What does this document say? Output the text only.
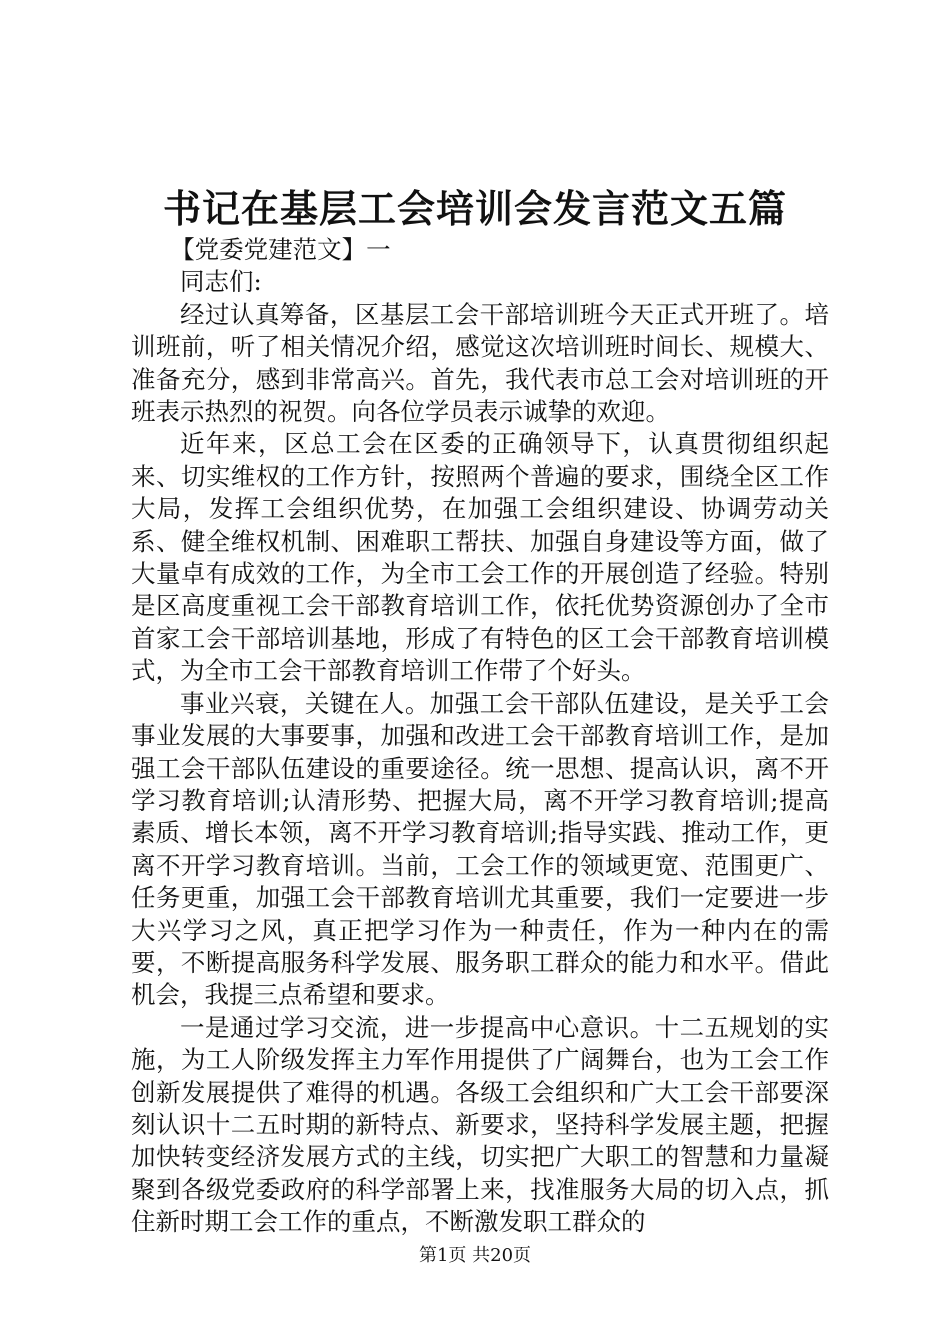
书记在基层工会培训会发言范文五篇

【党委党建范文】一

同志们:

经过认真筹备，区基层工会干部培训班今天正式开班了。培训班前，听了相关情况介绍，感觉这次培训班时间长、规模大、准备充分，感到非常高兴。首先，我代表市总工会对培训班的开班表示热烈的祝贺。向各位学员表示诚挚的欢迎。

近年来，区总工会在区委的正确领导下，认真贯彻组织起来、切实维权的工作方针，按照两个普遍的要求，围绕全区工作大局，发挥工会组织优势，在加强工会组织建设、协调劳动关系、健全维权机制、困难职工帮扶、加强自身建设等方面，做了大量卓有成效的工作，为全市工会工作的开展创造了经验。特别是区高度重视工会干部教育培训工作，依托优势资源创办了全市首家工会干部培训基地，形成了有特色的区工会干部教育培训模式，为全市工会干部教育培训工作带了个好头。

事业兴衰，关键在人。加强工会干部队伍建设，是关乎工会事业发展的大事要事，加强和改进工会干部教育培训工作，是加强工会干部队伍建设的重要途径。统一思想、提高认识，离不开学习教育培训;认清形势、把握大局，离不开学习教育培训;提高素质、增长本领，离不开学习教育培训;指导实践、推动工作，更离不开学习教育培训。当前，工会工作的领域更宽、范围更广、任务更重，加强工会干部教育培训尤其重要，我们一定要进一步大兴学习之风，真正把学习作为一种责任，作为一种内在的需要，不断提高服务科学发展、服务职工群众的能力和水平。借此机会，我提三点希望和要求。

一是通过学习交流，进一步提高中心意识。十二五规划的实施，为工人阶级发挥主力军作用提供了广阔舞台，也为工会工作创新发展提供了难得的机遇。各级工会组织和广大工会干部要深刻认识十二五时期的新特点、新要求，坚持科学发展主题，把握加快转变经济发展方式的主线，切实把广大职工的智慧和力量凝聚到各级党委政府的科学部署上来，找准服务大局的切入点，抓住新时期工会工作的重点，不断激发职工群众的

第1页 共20页
